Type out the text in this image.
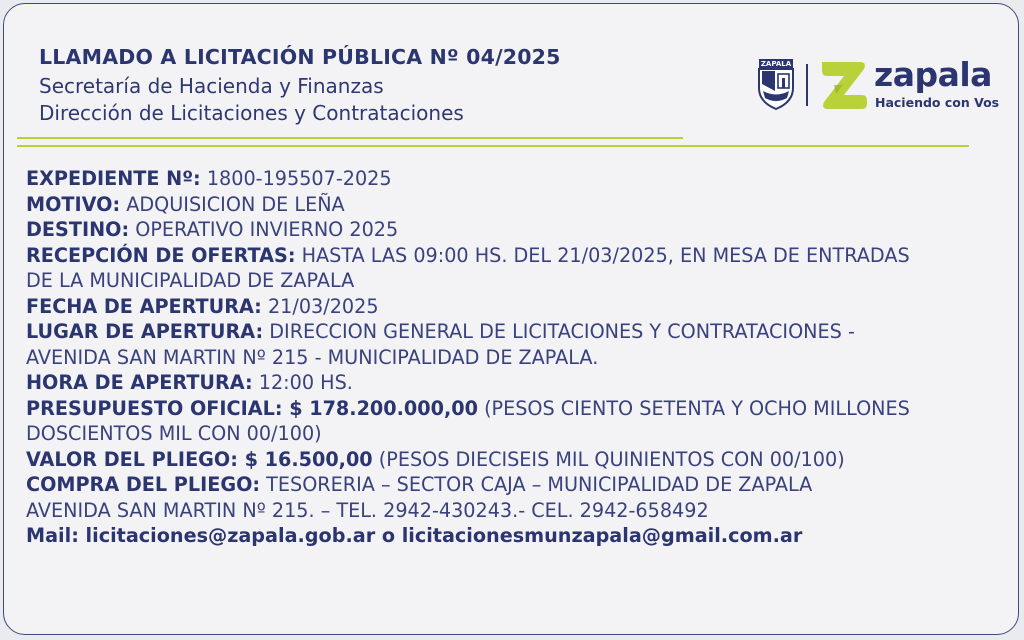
LLAMADO A LICITACIÓN PÚBLICA Nº 04/2025
Secretaría de Hacienda y Finanzas
Dirección de Licitaciones y Contrataciones
ZAPALA	zapala
Haciendo con Vos
EXPEDIENTE Nº: 1800-195507-2025
MOTIVO: ADQUISICION DE LEÑA
DESTINO: OPERATIVO INVIERNO 2025
RECEPCIÓN DE OFERTAS: HASTA LAS 09:00 HS. DEL 21/03/2025, EN MESA DE ENTRADAS
DE LA MUNICIPALIDAD DE ZAPALA
FECHA DE APERTURA: 21/03/2025
LUGAR DE APERTURA: DIRECCION GENERAL DE LICITACIONES Y CONTRATACIONES -
AVENIDA SAN MARTIN Nº 215 - MUNICIPALIDAD DE ZAPALA.
HORA DE APERTURA: 12:00 HS.
PRESUPUESTO OFICIAL: $ 178.200.000,00 (PESOS CIENTO SETENTA Y OCHO MILLONES
DOSCIENTOS MIL CON 00/100)
VALOR DEL PLIEGO: $ 16.500,00 (PESOS DIECISEIS MIL QUINIENTOS CON 00/100)
COMPRA DEL PLIEGO: TESORERIA – SECTOR CAJA – MUNICIPALIDAD DE ZAPALA
AVENIDA SAN MARTIN Nº 215. – TEL. 2942-430243.- CEL. 2942-658492
Mail: licitaciones@zapala.gob.ar o licitacionesmunzapala@gmail.com.ar
